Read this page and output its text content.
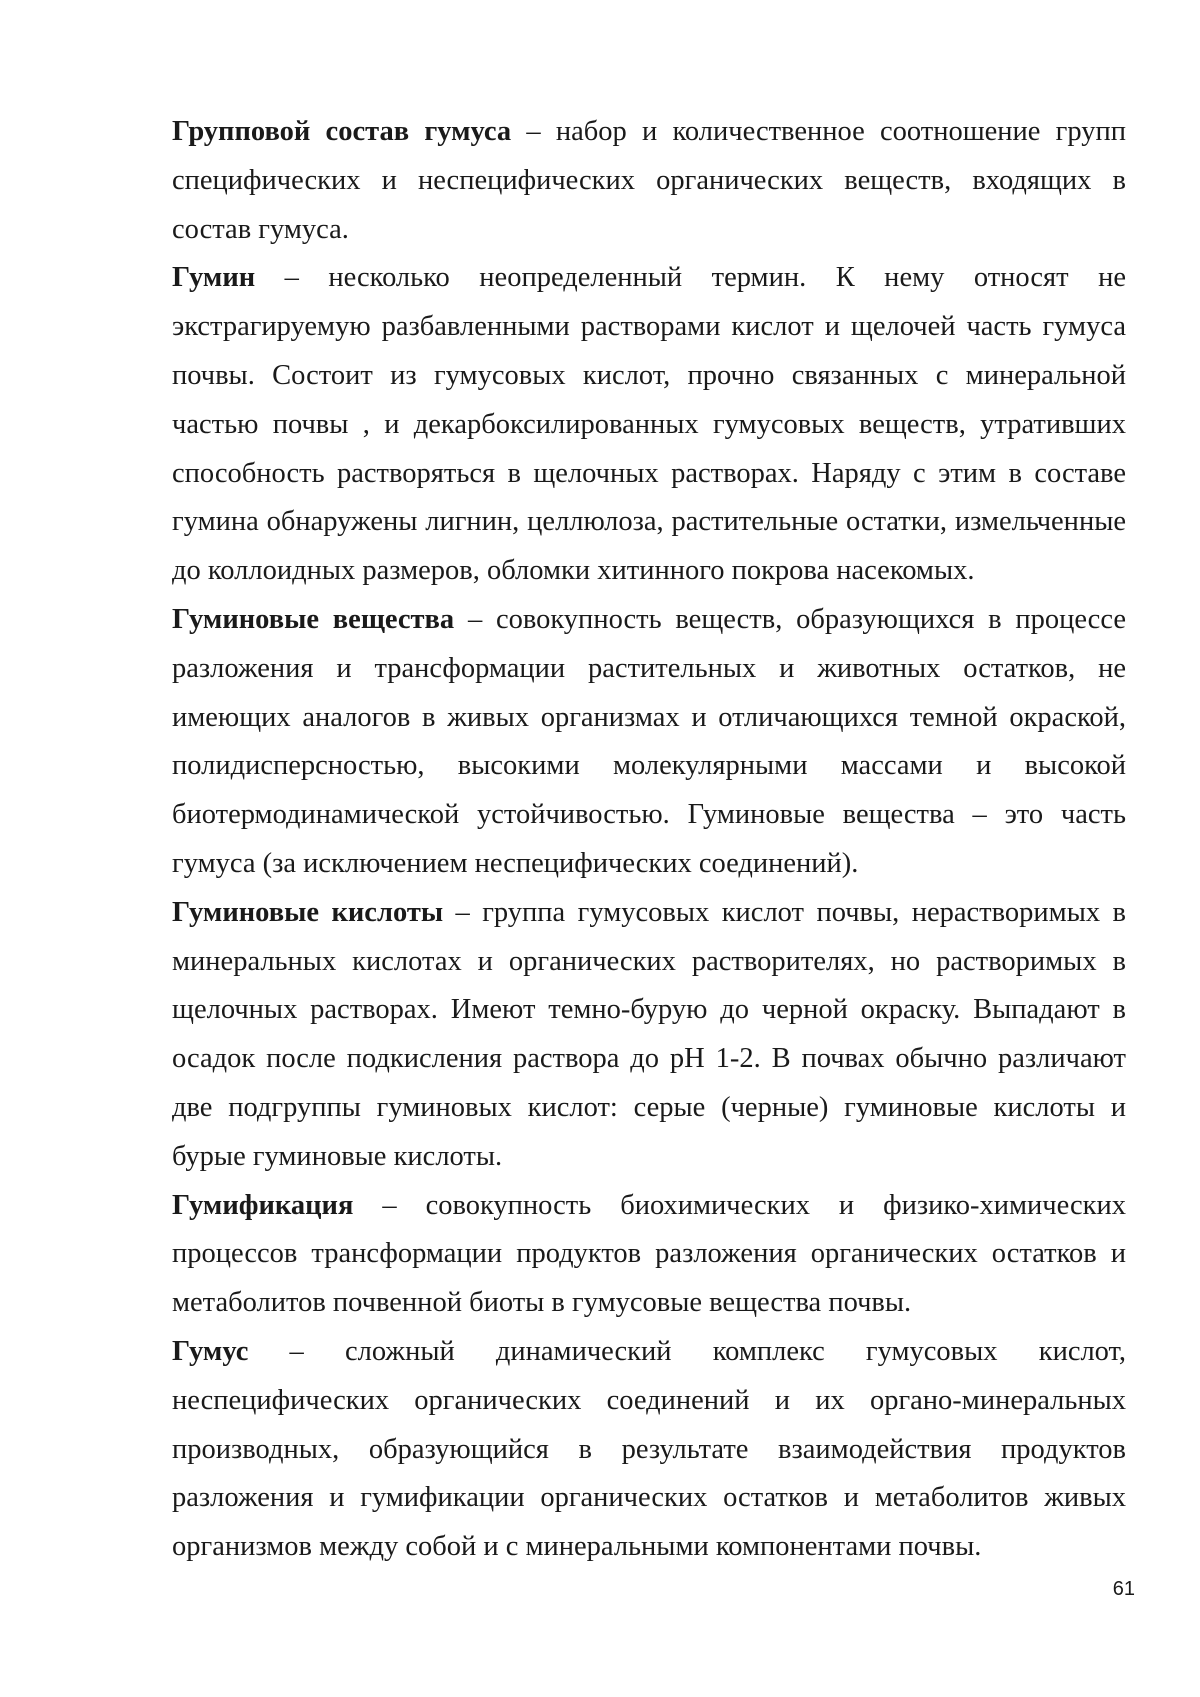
Групповой состав гумуса – набор и количественное соотношение групп специфических и неспецифических органических веществ, входящих в состав гумуса.

Гумин – несколько неопределенный термин. К нему относят не экстрагируемую разбавленными растворами кислот и щелочей часть гумуса почвы. Состоит из гумусовых кислот, прочно связанных с минеральной частью почвы , и декарбоксилированных гумусовых веществ, утративших способность растворяться в щелочных растворах. Наряду с этим в составе гумина обнаружены лигнин, целлюлоза, растительные остатки, измельченные до коллоидных размеров, обломки хитинного покрова насекомых.

Гуминовые вещества – совокупность веществ, образующихся в процессе разложения и трансформации растительных и животных остатков, не имеющих аналогов в живых организмах и отличающихся темной окраской, полидисперсностью, высокими молекулярными массами и высокой биотермодинамической устойчивостью. Гуминовые вещества – это часть гумуса (за исключением неспецифических соединений).

Гуминовые кислоты – группа гумусовых кислот почвы, нерастворимых в минеральных кислотах и органических растворителях, но растворимых в щелочных растворах. Имеют темно-бурую до черной окраску. Выпадают в осадок после подкисления раствора до рН 1-2. В почвах обычно различают две подгруппы гуминовых кислот: серые (черные) гуминовые кислоты и бурые гуминовые кислоты.

Гумификация – совокупность биохимических и физико-химических процессов трансформации продуктов разложения органических остатков и метаболитов почвенной биоты в гумусовые вещества почвы.

Гумус – сложный динамический комплекс гумусовых кислот, неспецифических органических соединений и их органо-минеральных производных, образующийся в результате взаимодействия продуктов разложения и гумификации органических остатков и метаболитов живых организмов между собой и с минеральными компонентами почвы.

61
